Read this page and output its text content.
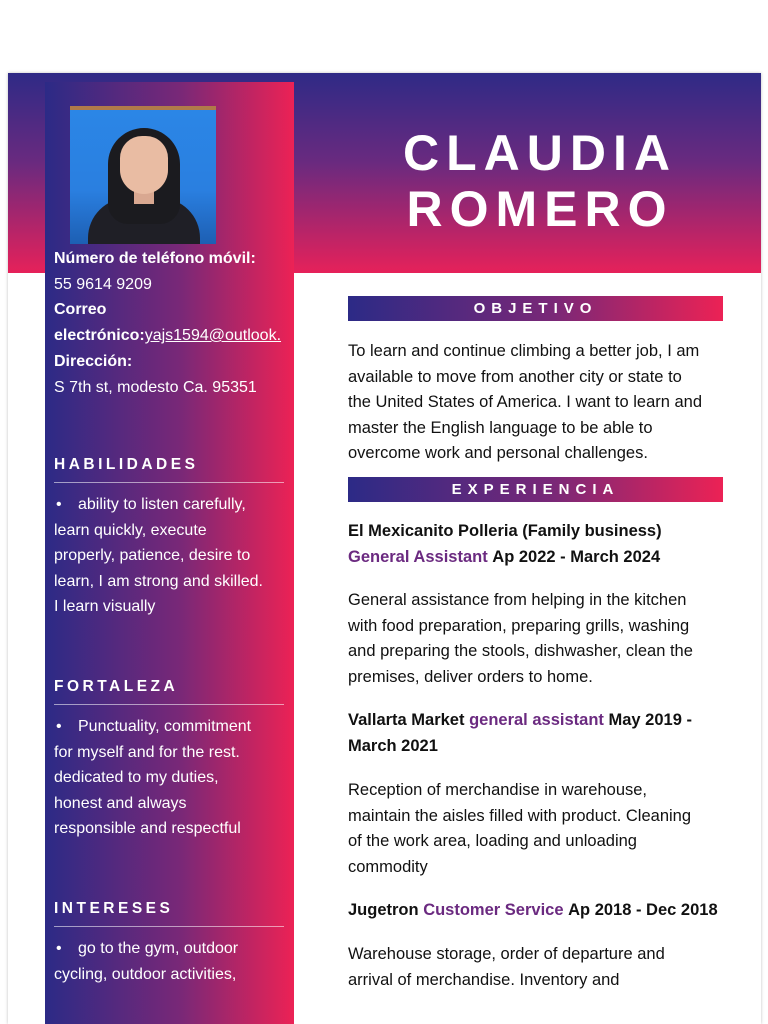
CLAUDIA
ROMERO
Número de teléfono móvil:
55 9614 9209
Correo
electrónico:yajs1594@outlook.
Dirección:
S 7th st, modesto Ca. 95351
HABILIDADES
• ability to listen carefully,
learn quickly, execute
properly, patience, desire to
learn, I am strong and skilled.
I learn visually
FORTALEZA
• Punctuality, commitment
for myself and for the rest.
dedicated to my duties,
honest and always
responsible and respectful
INTERESES
• go to the gym, outdoor
cycling, outdoor activities,
OBJETIVO

To learn and continue climbing a better job, I am

available to move from another city or state to

the United States of America. I want to learn and

master the English language to be able to

overcome work and personal challenges.

EXPERIENCIA

El Mexicanito Polleria (Family business)

General Assistant Ap 2022 - March 2024

General assistance from helping in the kitchen

with food preparation, preparing grills, washing

and preparing the stools, dishwasher, clean the

premises, deliver orders to home.

Vallarta Market general assistant May 2019 -

March 2021

Reception of merchandise in warehouse,

maintain the aisles filled with product. Cleaning

of the work area, loading and unloading

commodity

Jugetron Customer Service Ap 2018 - Dec 2018

Warehouse storage, order of departure and

arrival of merchandise. Inventory and
